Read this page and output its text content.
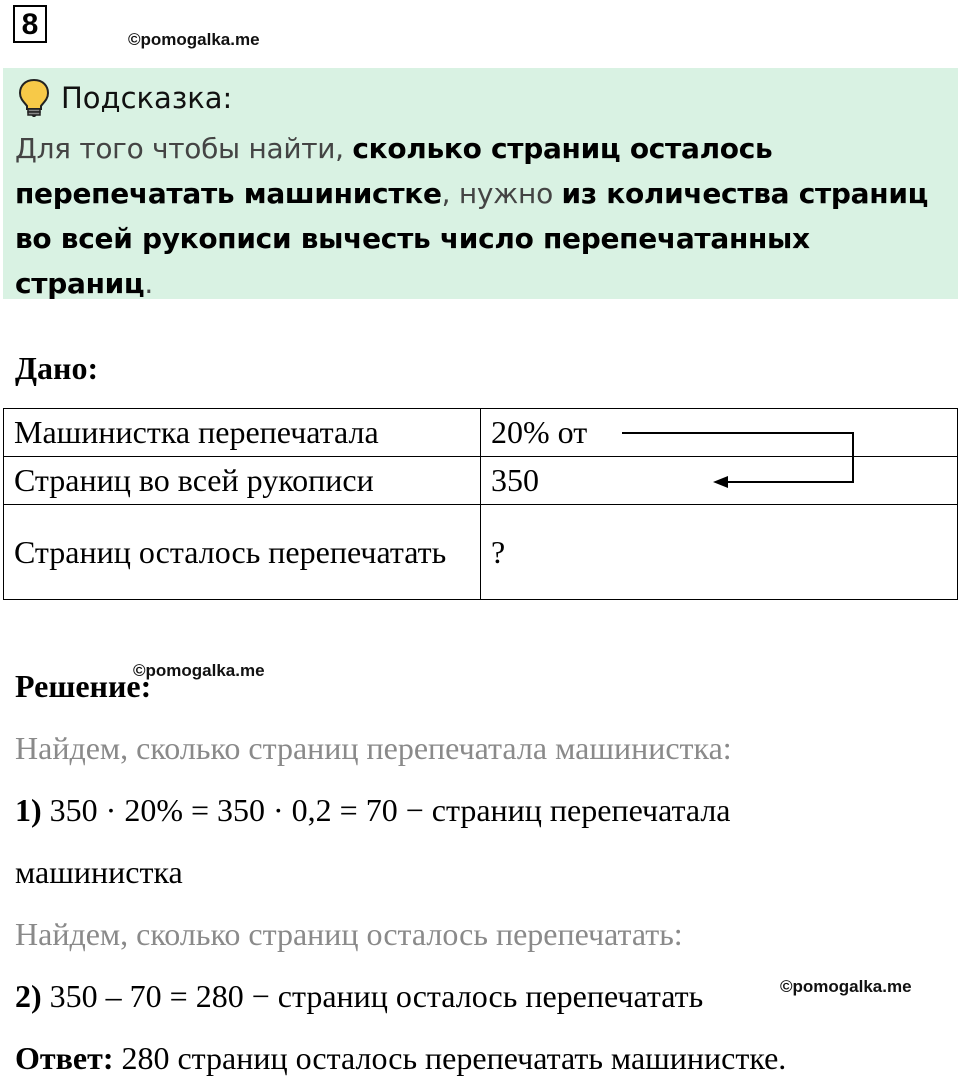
8	©pomogalka.me
Подсказка:
Для того чтобы найти, сколько страниц осталось перепечатать машинистке, нужно из количества страниц во всей рукописи вычесть число перепечатанных страниц.
Дано:
Машинистка перепечатала	20% от
Страниц во всей рукописи	350
Страниц осталось перепечатать	?
©pomogalka.me
Решение:
Найдем, сколько страниц перепечатала машинистка:
1) 350 · 20% = 350 · 0,2 = 70 − страниц перепечатала
машинистка
Найдем, сколько страниц осталось перепечатать:
2) 350 – 70 = 280 − страниц осталось перепечатать	©pomogalka.me
Ответ: 280 страниц осталось перепечатать машинистке.
